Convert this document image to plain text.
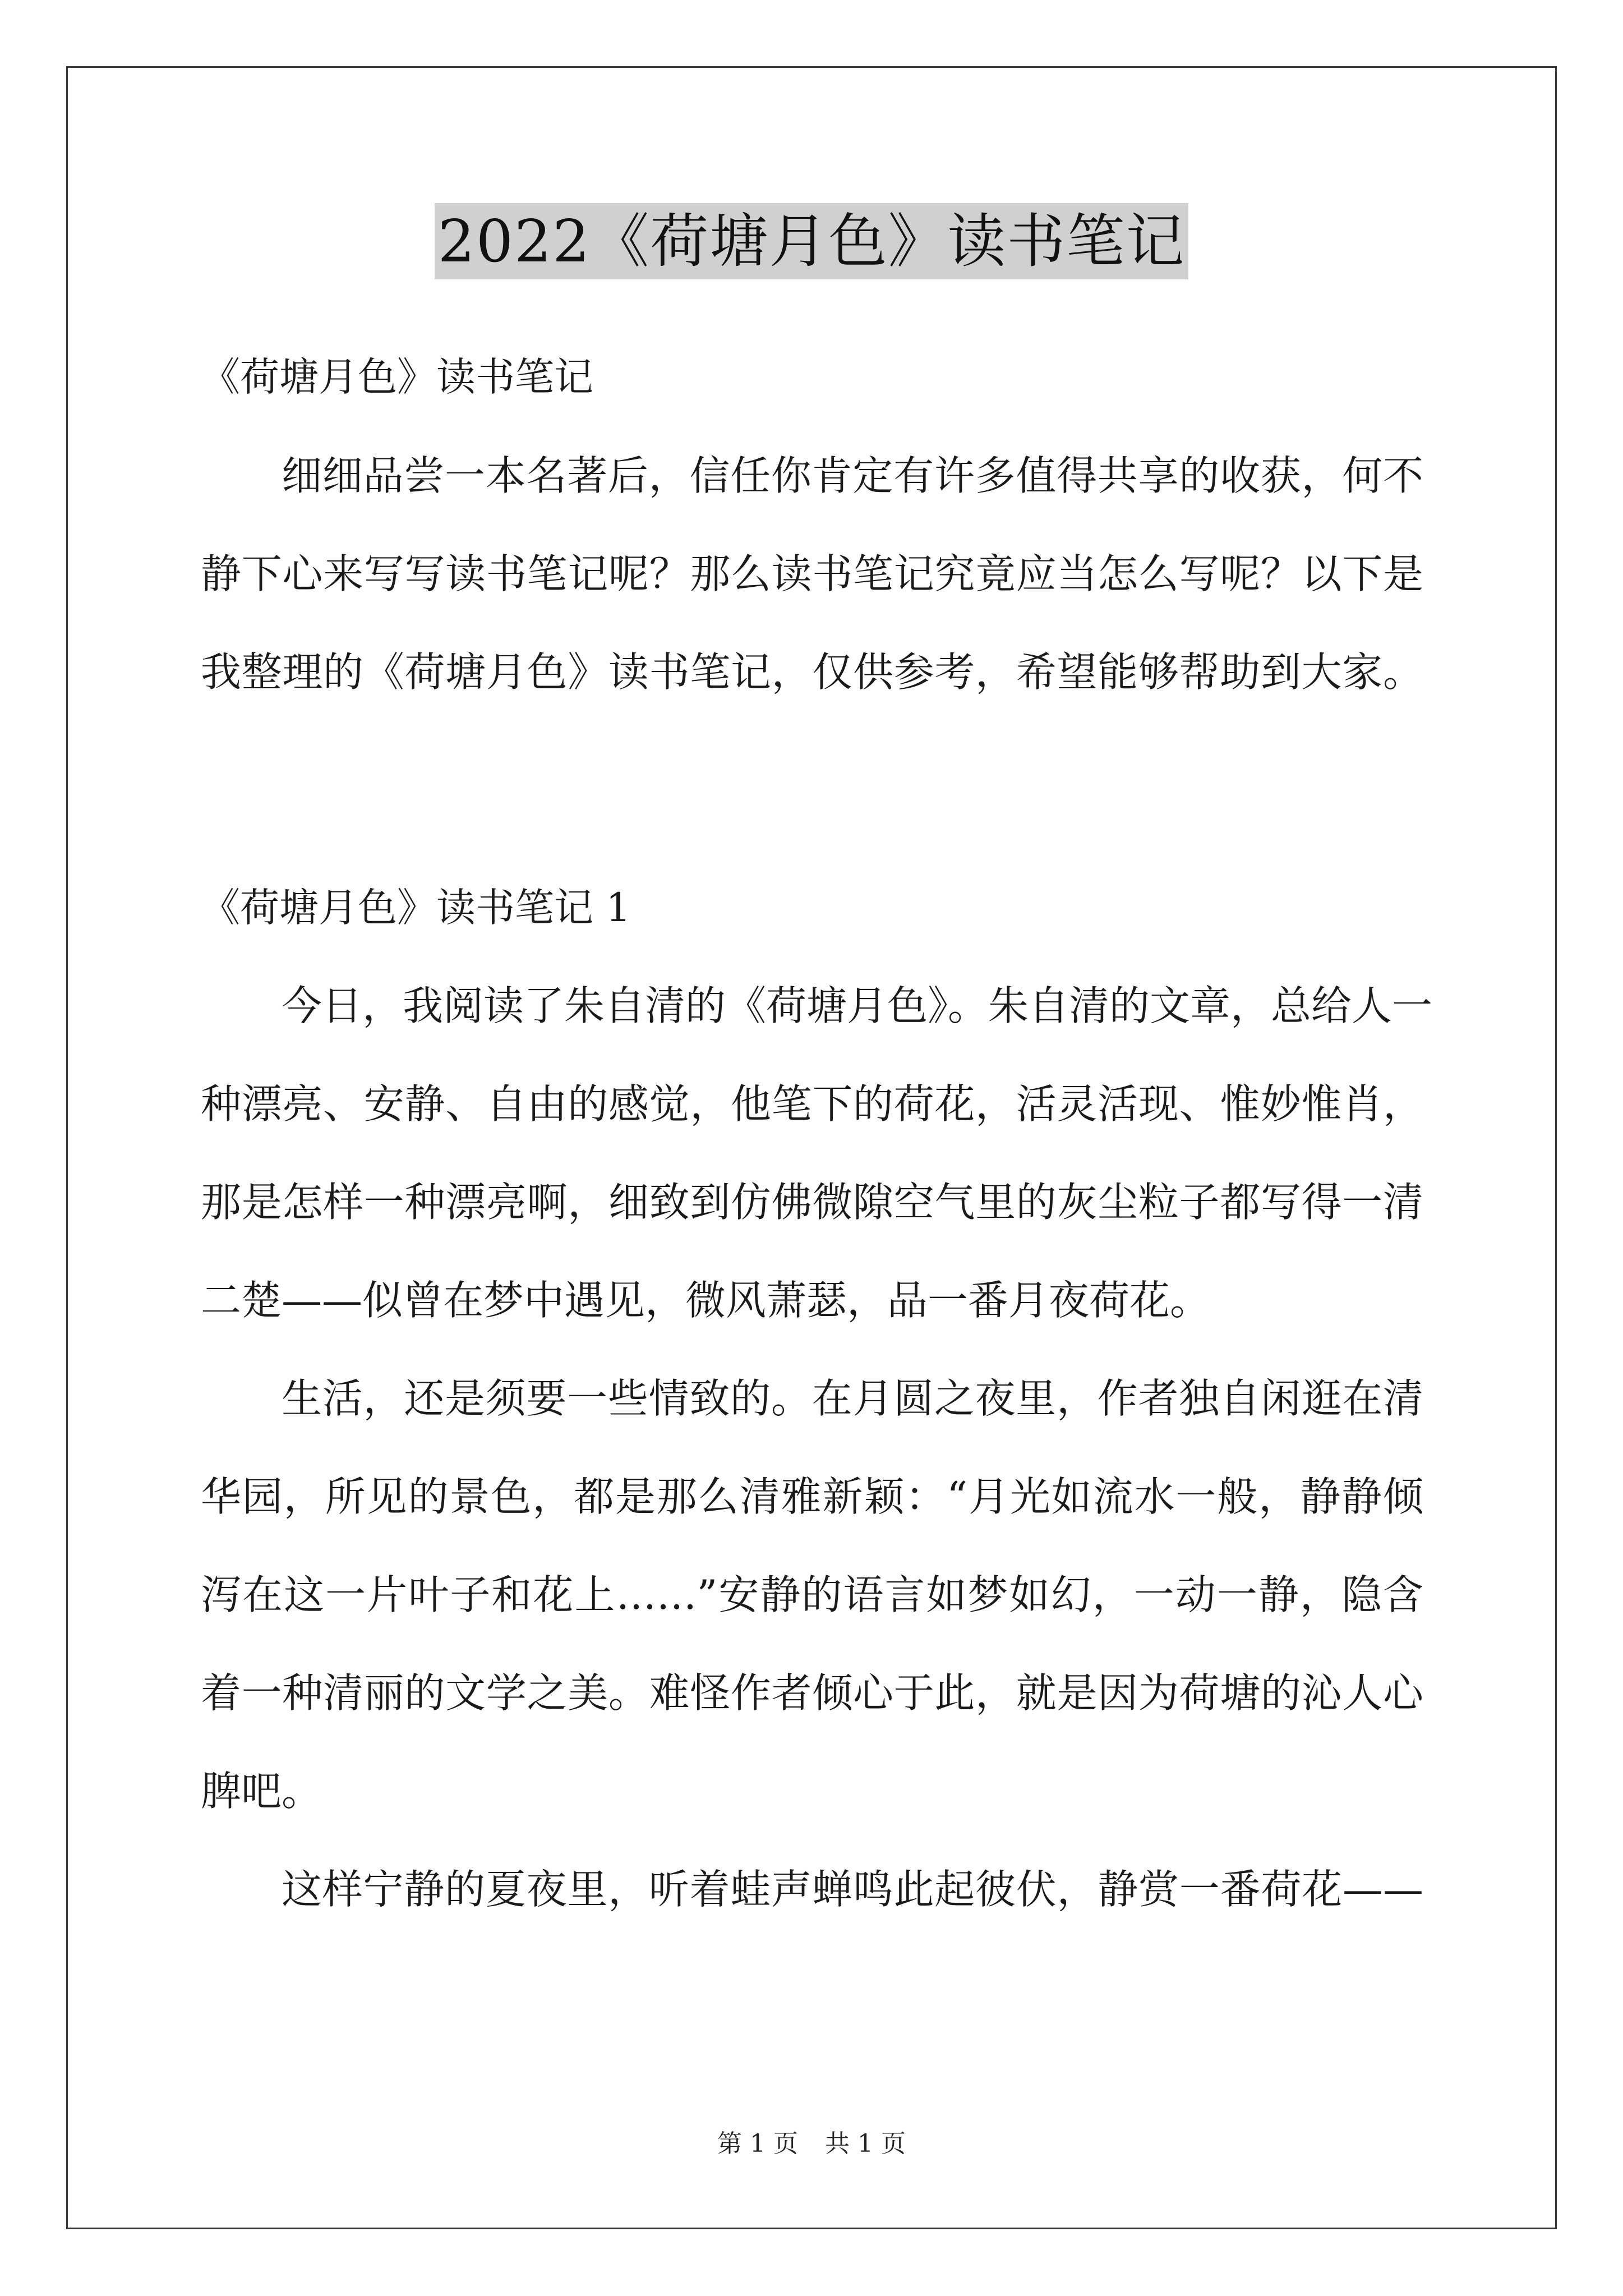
2022《荷塘月色》读书笔记
《荷塘月色》读书笔记
细细品尝一本名著后，信任你肯定有许多值得共享的收获，何不
静下心来写写读书笔记呢？那么读书笔记究竟应当怎么写呢？以下是
我整理的《荷塘月色》读书笔记，仅供参考，希望能够帮助到大家。
《荷塘月色》读书笔记 1
今日，我阅读了朱自清的《荷塘月色》。朱自清的文章，总给人一
种漂亮、安静、自由的感觉，他笔下的荷花，活灵活现、惟妙惟肖，
那是怎样一种漂亮啊，细致到仿佛微隙空气里的灰尘粒子都写得一清
二楚——似曾在梦中遇见，微风萧瑟，品一番月夜荷花。
生活，还是须要一些情致的。在月圆之夜里，作者独自闲逛在清
华园，所见的景色，都是那么清雅新颖：“月光如流水一般，静静倾
泻在这一片叶子和花上……”安静的语言如梦如幻，一动一静，隐含
着一种清丽的文学之美。难怪作者倾心于此，就是因为荷塘的沁人心
脾吧。
这样宁静的夏夜里，听着蛙声蝉鸣此起彼伏，静赏一番荷花——
第 1 页 共 1 页
